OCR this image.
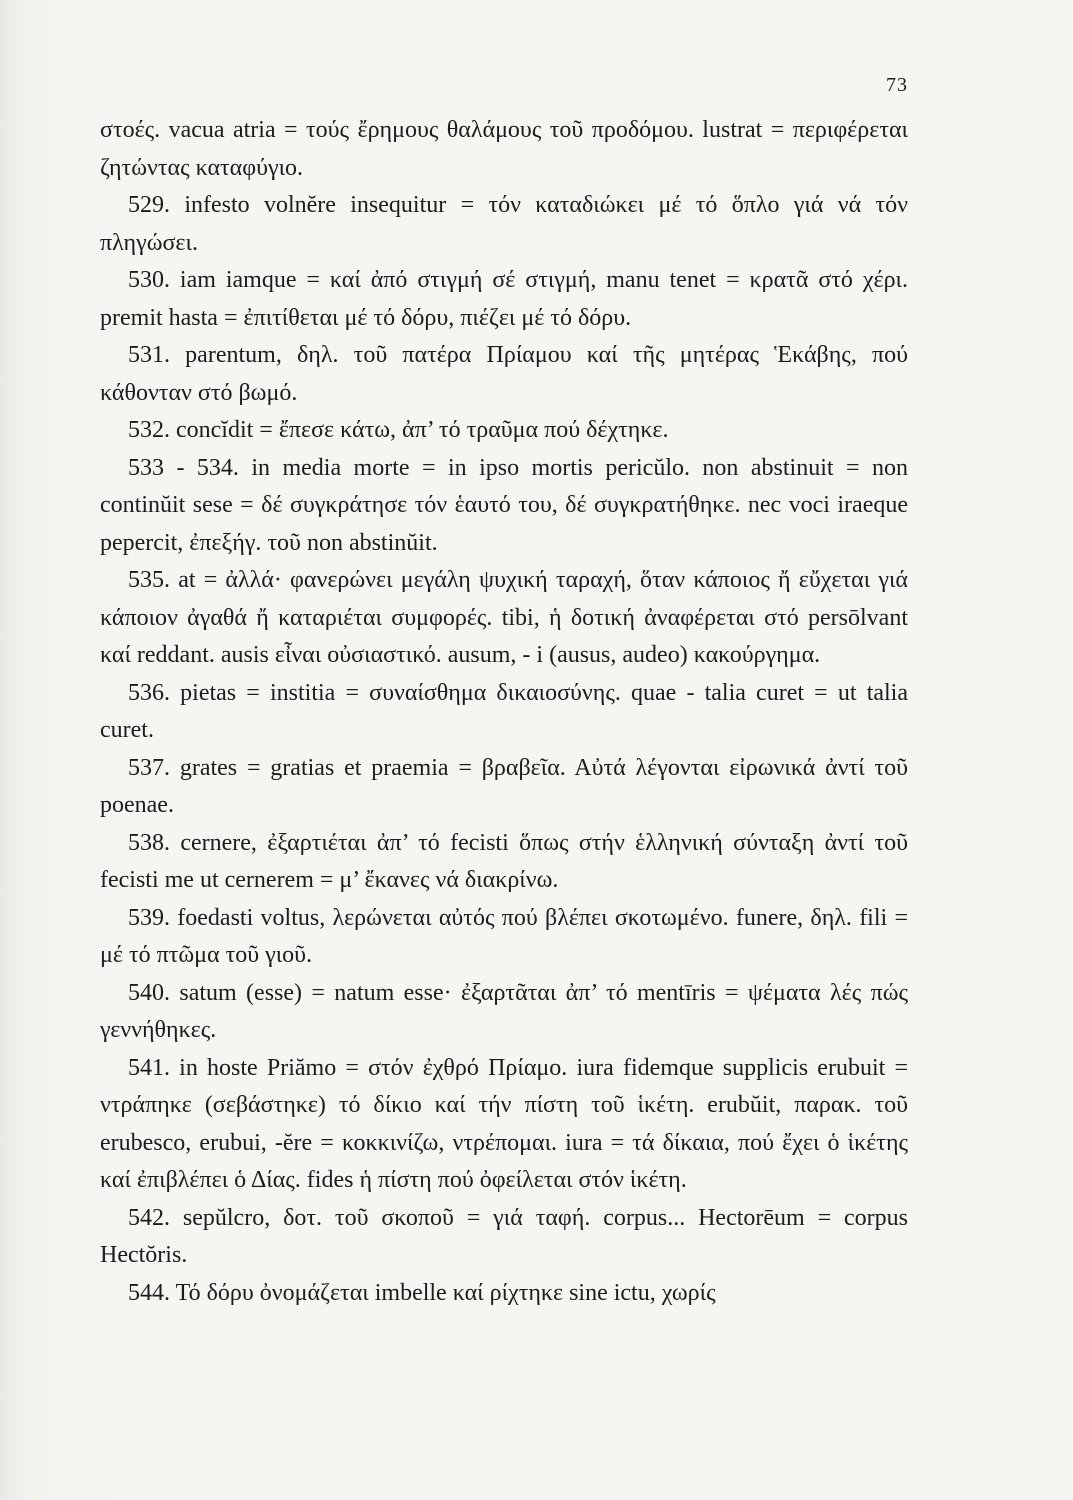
73

στοές. vacua atria = τούς ἔρημους θαλάμους τοῦ προδόμου. lustrat = περιφέρεται ζητώντας καταφύγιο.

529. infesto volnĕre insequitur = τόν καταδιώκει μέ τό ὅπλο γιά νά τόν πληγώσει.

530. iam iamque = καί ἀπό στιγμή σέ στιγμή, manu tenet = κρατᾶ στό χέρι. premit hasta = ἐπιτίθεται μέ τό δόρυ, πιέζει μέ τό δόρυ.

531. parentum, δηλ. τοῦ πατέρα Πρίαμου καί τῆς μητέρας Ἑκάβης, πού κάθονταν στό βωμό.

532. concĭdit = ἔπεσε κάτω, ἀπ’ τό τραῦμα πού δέχτηκε.

533 - 534. in media morte = in ipso mortis pericŭlo. non abstinuit = non continŭit sese = δέ συγκράτησε τόν ἑαυτό του, δέ συγκρατήθηκε. nec voci iraeque pepercit, ἐπεξήγ. τοῦ non abstinŭit.

535. at = ἀλλά· φανερώνει μεγάλη ψυχική ταραχή, ὅταν κάποιος ἤ εὔχεται γιά κάποιον ἀγαθά ἤ καταριέται συμφορές. tibi, ἡ δοτική ἀναφέρεται στό persōlvant καί reddant. ausis εἶναι οὐσιαστικό. ausum, - i (ausus, audeo) κακούργημα.

536. pietas = institia = συναίσθημα δικαιοσύνης. quae - talia curet = ut talia curet.

537. grates = gratias et praemia = βραβεῖα. Αὐτά λέγονται εἰρωνικά ἀντί τοῦ poenae.

538. cernere, ἐξαρτιέται ἀπ’ τό fecisti ὅπως στήν ἑλληνική σύνταξη ἀντί τοῦ fecisti me ut cernerem = μ’ ἔκανες νά διακρίνω.

539. foedasti voltus, λερώνεται αὐτός πού βλέπει σκοτωμένο. funere, δηλ. fili = μέ τό πτῶμα τοῦ γιοῦ.

540. satum (esse) = natum esse· ἐξαρτᾶται ἀπ’ τό mentīris = ψέματα λές πώς γεννήθηκες.

541. in hoste Priămo = στόν ἐχθρό Πρίαμο. iura fidemque supplicis erubuit = ντράπηκε (σεβάστηκε) τό δίκιο καί τήν πίστη τοῦ ἱκέτη. erubŭit, παρακ. τοῦ erubesco, erubui, -ĕre = κοκκινίζω, ντρέπομαι. iura = τά δίκαια, πού ἔχει ὁ ἱκέτης καί ἐπιβλέπει ὁ Δίας. fides ἡ πίστη πού ὀφείλεται στόν ἱκέτη.

542. sepŭlcro, δοτ. τοῦ σκοποῦ = γιά ταφή. corpus... Hectorēum = corpus Hectŏris.

544. Τό δόρυ ὀνομάζεται imbelle καί ρίχτηκε sine ictu, χωρίς
